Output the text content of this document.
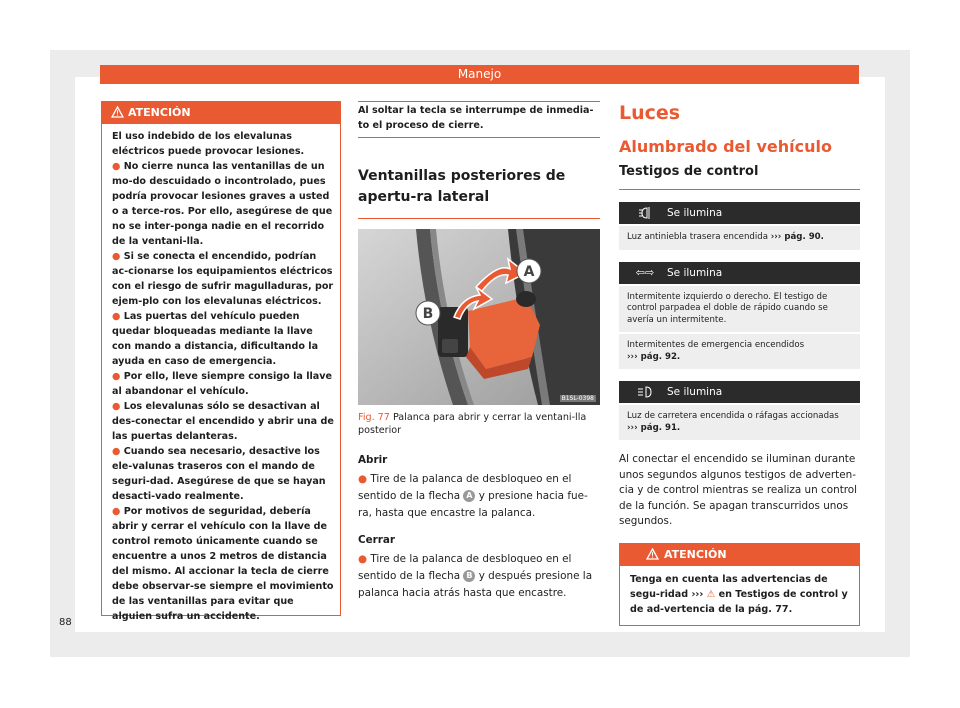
Manejo
ATENCIÓN

El uso indebido de los elevalunas eléctricos puede provocar lesiones.

● No cierre nunca las ventanillas de un mo-do descuidado o incontrolado, pues podría provocar lesiones graves a usted o a terce-ros. Por ello, asegúrese de que no se inter-ponga nadie en el recorrido de la ventani-lla.

● Si se conecta el encendido, podrían ac-cionarse los equipamientos eléctricos con el riesgo de sufrir magulladuras, por ejem-plo con los elevalunas eléctricos.

● Las puertas del vehículo pueden quedar bloqueadas mediante la llave con mando a distancia, dificultando la ayuda en caso de emergencia.

● Por ello, lleve siempre consigo la llave al abandonar el vehículo.

● Los elevalunas sólo se desactivan al des-conectar el encendido y abrir una de las puertas delanteras.

● Cuando sea necesario, desactive los ele-valunas traseros con el mando de seguri-dad. Asegúrese de que se hayan desacti-vado realmente.

● Por motivos de seguridad, debería abrir y cerrar el vehículo con la llave de control remoto únicamente cuando se encuentre a unos 2 metros de distancia del mismo. Al accionar la tecla de cierre debe observar-se siempre el movimiento de las ventanillas para evitar que alguien sufra un accidente.

Al soltar la tecla se interrumpe de inmedia-to el proceso de cierre.
Ventanillas posteriores de apertu-ra lateral
A
B
B1SL-0398
Fig. 77 Palanca para abrir y cerrar la ventani-lla posterior
Abrir
● Tire de la palanca de desbloqueo en el sentido de la flecha A y presione hacia fue-ra, hasta que encastre la palanca.
Cerrar
● Tire de la palanca de desbloqueo en el sentido de la flecha B y después presione la palanca hacia atrás hasta que encastre.
Luces
Alumbrado del vehículo
Testigos de control
Se ilumina
Luz antiniebla trasera encendida ››› pág. 90.
⇦⇨ Se ilumina
Intermitente izquierdo o derecho. El testigo de control parpadea el doble de rápido cuando se avería un intermitente.
Intermitentes de emergencia encendidos
››› pág. 92.
Se ilumina
Luz de carretera encendida o ráfagas accionadas
››› pág. 91.
Al conectar el encendido se iluminan durante unos segundos algunos testigos de adverten-cia y de control mientras se realiza un control de la función. Se apagan transcurridos unos segundos.
ATENCIÓN
Tenga en cuenta las advertencias de segu-ridad ››› ⚠ en Testigos de control y de ad-vertencia de la pág. 77.
88
